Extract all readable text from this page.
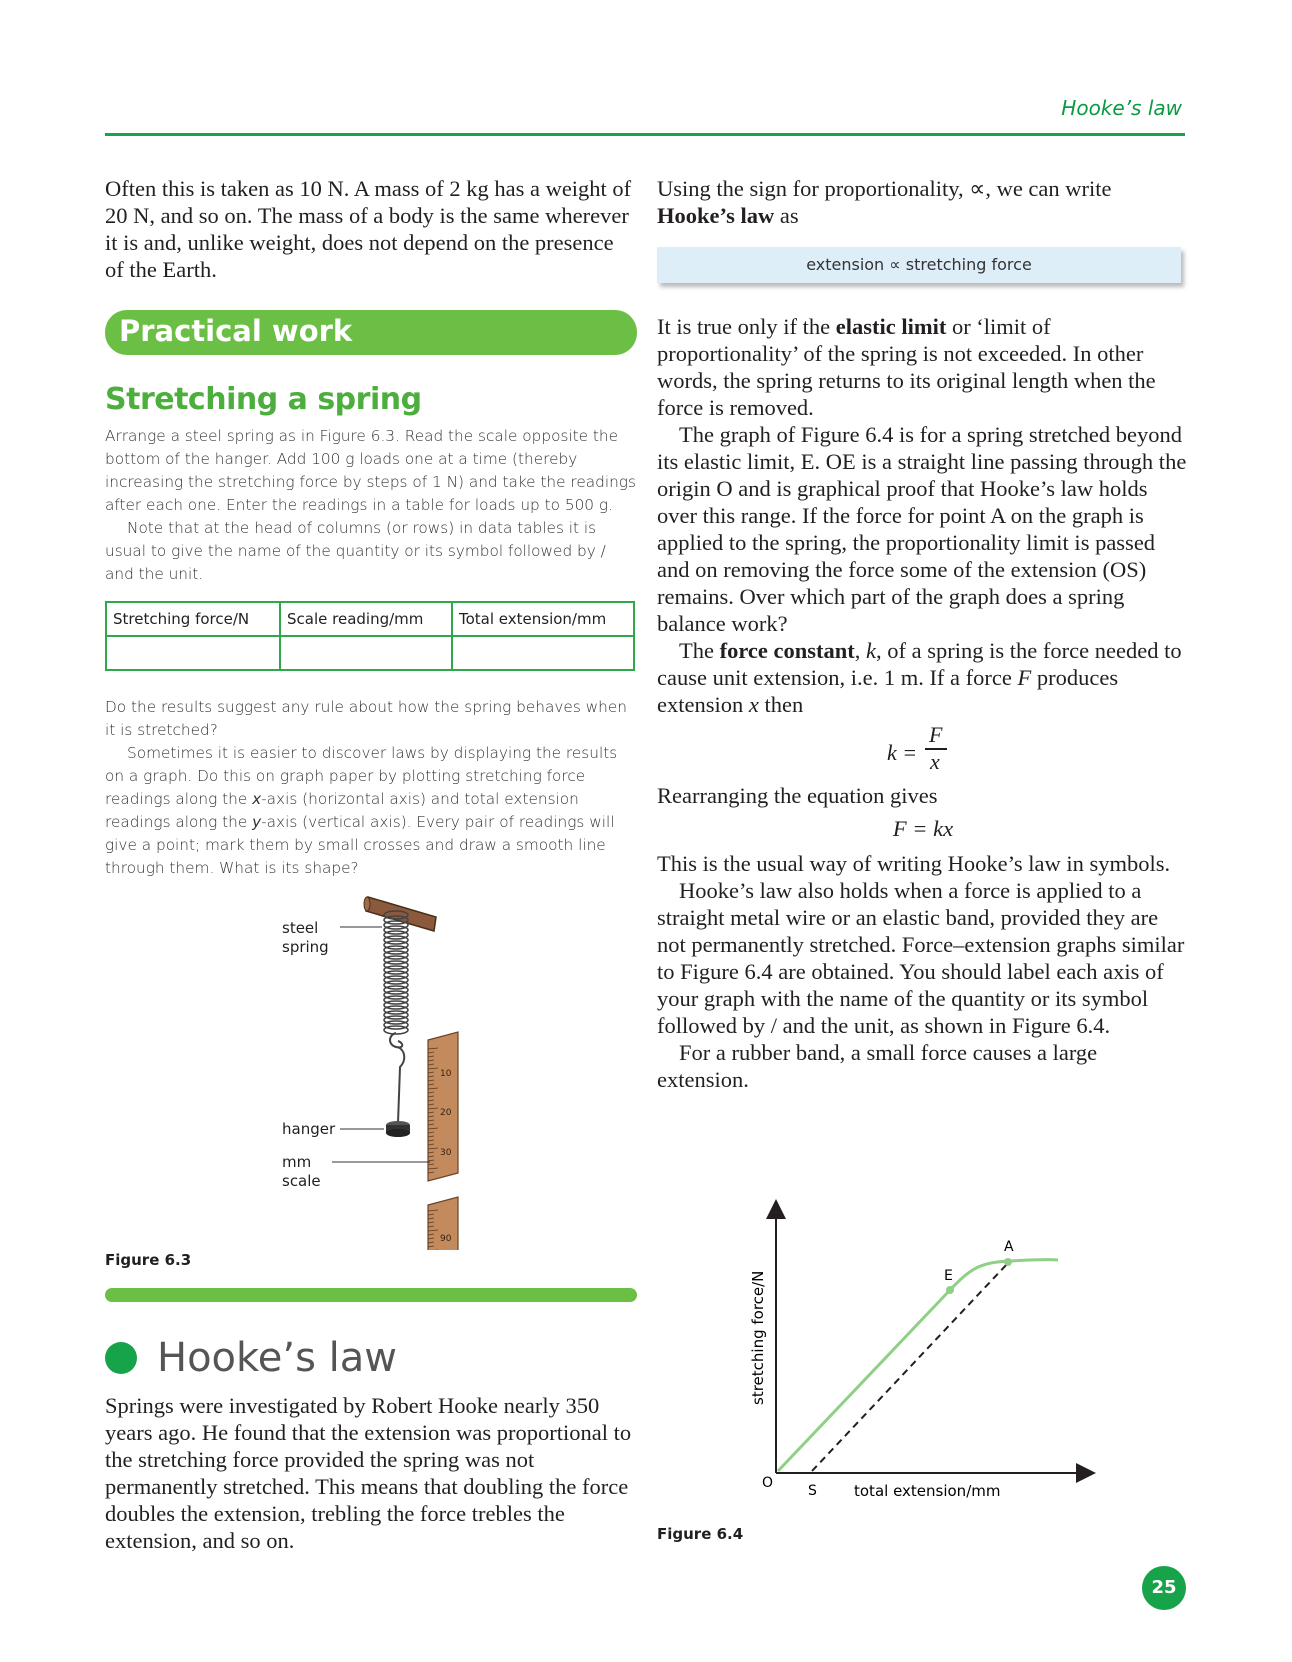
Hooke’s law

Often this is taken as 10 N. A mass of 2 kg has a weight of 20 N, and so on. The mass of a body is the same wherever it is and, unlike weight, does not depend on the presence of the Earth.

Practical work
Stretching a spring

Arrange a steel spring as in Figure 6.3. Read the scale opposite the bottom of the hanger. Add 100 g loads one at a time (thereby increasing the stretching force by steps of 1 N) and take the readings after each one. Enter the readings in a table for loads up to 500 g.

Note that at the head of columns (or rows) in data tables it is usual to give the name of the quantity or its symbol followed by / and the unit.

Stretching force/N	Scale reading/mm	Total extension/mm

Do the results suggest any rule about how the spring behaves when it is stretched?

Sometimes it is easier to discover laws by displaying the results on a graph. Do this on graph paper by plotting stretching force readings along the x-axis (horizontal axis) and total extension readings along the y-axis (vertical axis). Every pair of readings will give a point; mark them by small crosses and draw a smooth line through them. What is its shape?

10
20
30
90
steel
spring
hanger
mm
scale
Figure 6.3
Hooke’s law

Springs were investigated by Robert Hooke nearly 350 years ago. He found that the extension was proportional to the stretching force provided the spring was not permanently stretched. This means that doubling the force doubles the extension, trebling the force trebles the extension, and so on.

Using the sign for proportionality, ∝, we can write Hooke’s law as

extension ∝ stretching force

It is true only if the elastic limit or ‘limit of proportionality’ of the spring is not exceeded. In other words, the spring returns to its original length when the force is removed.

The graph of Figure 6.4 is for a spring stretched beyond its elastic limit, E. OE is a straight line passing through the origin O and is graphical proof that Hooke’s law holds over this range. If the force for point A on the graph is applied to the spring, the proportionality limit is passed and on removing the force some of the extension (OS) remains. Over which part of the graph does a spring balance work?

The force constant, k, of a spring is the force needed to cause unit extension, i.e. 1 m. If a force F produces extension x then

k =
F
x

Rearranging the equation gives

F = kx

This is the usual way of writing Hooke’s law in symbols.

Hooke’s law also holds when a force is applied to a straight metal wire or an elastic band, provided they are not permanently stretched. Force–extension graphs similar to Figure 6.4 are obtained. You should label each axis of your graph with the name of the quantity or its symbol followed by / and the unit, as shown in Figure 6.4.

For a rubber band, a small force causes a large extension.

E
A
O S total extension/mm
stretching force/N
Figure 6.4
25
